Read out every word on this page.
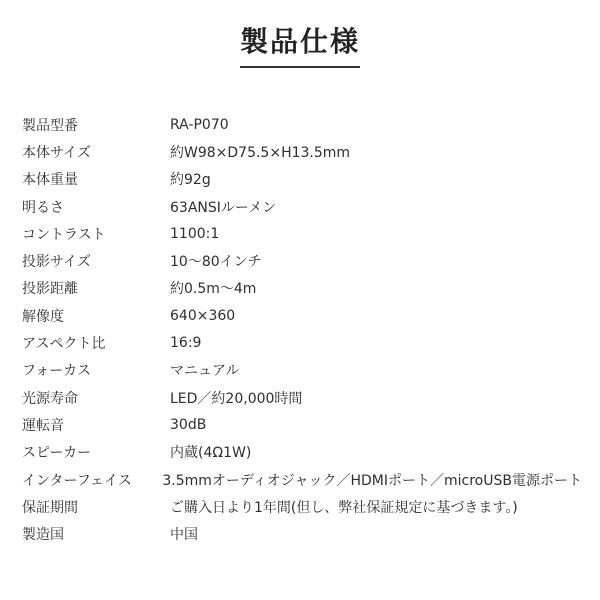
製品仕様
製品型番	RA-P070
本体サイズ	約W98×D75.5×H13.5mm
本体重量	約92g
明るさ	63ANSIルーメン
コントラスト	1100:1
投影サイズ	10〜80インチ
投影距離	約0.5m〜4m
解像度	640×360
アスペクト比	16:9
フォーカス	マニュアル
光源寿命	LED／約20,000時間
運転音	30dB
スピーカー	内蔵(4Ω1W)
インターフェイス	3.5mmオーディオジャック／HDMIポート／microUSB電源ポート
保証期間	ご購入日より1年間(但し、弊社保証規定に基づきます。)
製造国	中国
